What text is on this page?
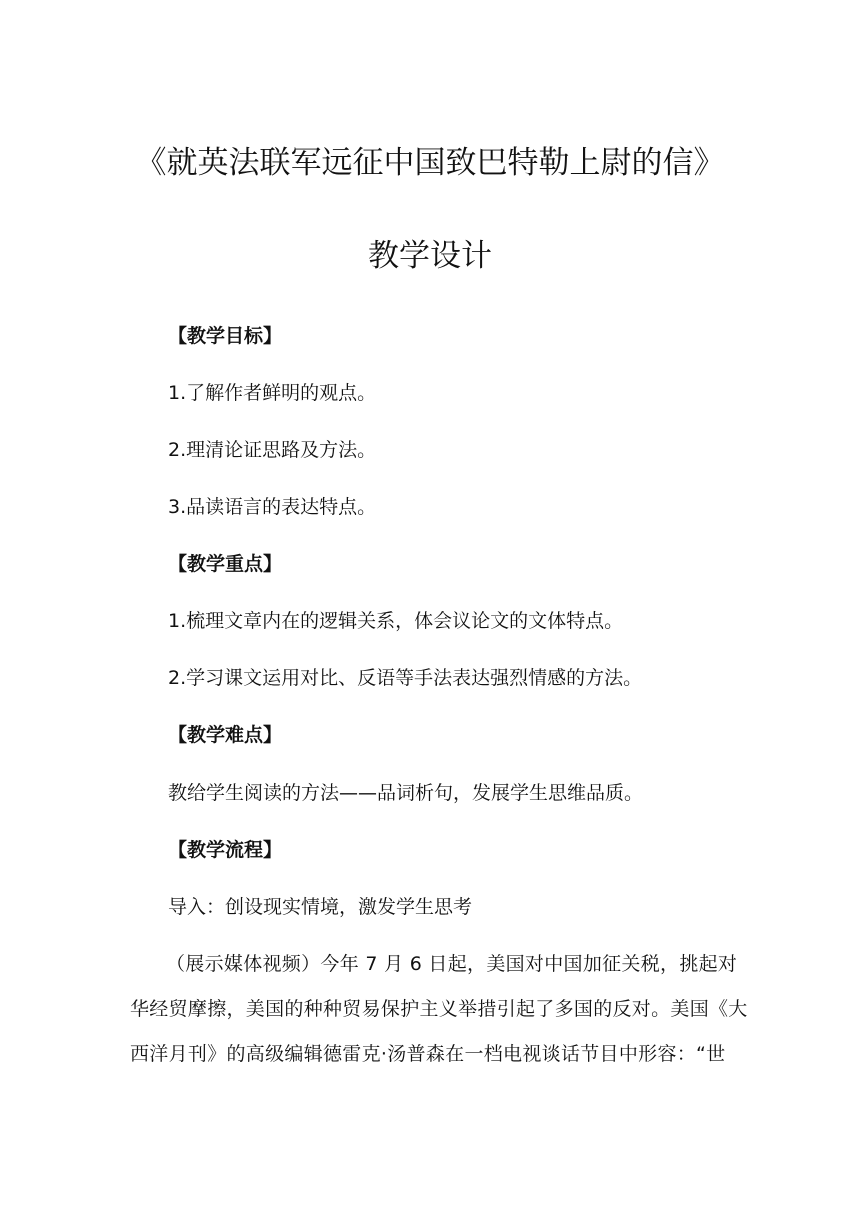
《就英法联军远征中国致巴特勒上尉的信》
教学设计
【教学目标】
1.了解作者鲜明的观点。
2.理清论证思路及方法。
3.品读语言的表达特点。
【教学重点】
1.梳理文章内在的逻辑关系，体会议论文的文体特点。
2.学习课文运用对比、反语等手法表达强烈情感的方法。
【教学难点】
教给学生阅读的方法——品词析句，发展学生思维品质。
【教学流程】
导入：创设现实情境，激发学生思考
（展示媒体视频）今年 7 月 6 日起，美国对中国加征关税，挑起对
华经贸摩擦，美国的种种贸易保护主义举措引起了多国的反对。美国《大
西洋月刊》的高级编辑德雷克·汤普森在一档电视谈话节目中形容：“世
